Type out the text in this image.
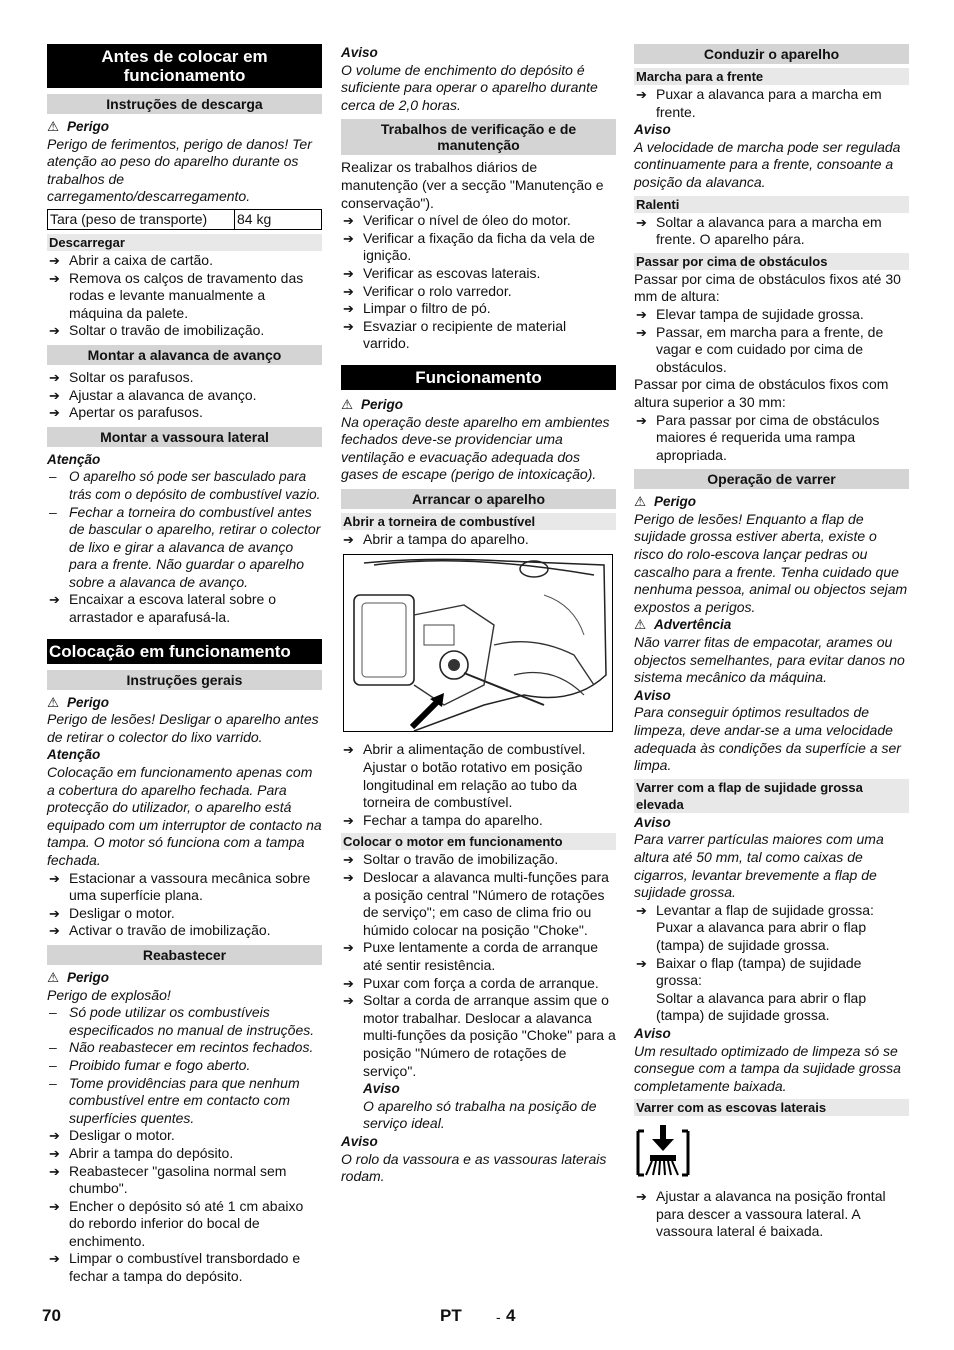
Antes de colocar em funcionamento
Instruções de descarga

⚠ Perigo

Perigo de ferimentos, perigo de danos! Ter atenção ao peso do aparelho durante os trabalhos de carregamento/descarregamento.

Tara (peso de transporte)	84 kg
Descarregar
➔ Abrir a caixa de cartão.
➔ Remova os calços de travamento das rodas e levante manualmente a máquina da palete.
➔ Soltar o travão de imobilização.
Montar a alavanca de avanço
➔ Soltar os parafusos.
➔ Ajustar a alavanca de avanço.
➔ Apertar os parafusos.
Montar a vassoura lateral

Atenção

– O aparelho só pode ser basculado para trás com o depósito de combustível vazio.
– Fechar a torneira do combustível antes de bascular o aparelho, retirar o colector de lixo e girar a alavanca de avanço para a frente. Não guardar o aparelho sobre a alavanca de avanço.
➔ Encaixar a escova lateral sobre o arrastador e aparafusá-la.
Colocação em funcionamento
Instruções gerais

⚠ Perigo

Perigo de lesões! Desligar o aparelho antes de retirar o colector do lixo varrido.

Atenção

Colocação em funcionamento apenas com a cobertura do aparelho fechada. Para protecção do utilizador, o aparelho está equipado com um interruptor de contacto na tampa. O motor só funciona com a tampa fechada.

➔ Estacionar a vassoura mecânica sobre uma superfície plana.
➔ Desligar o motor.
➔ Activar o travão de imobilização.
Reabastecer

⚠ Perigo

Perigo de explosão!

– Só pode utilizar os combustíveis especificados no manual de instruções.
– Não reabastecer em recintos fechados.
– Proibido fumar e fogo aberto.
– Tome providências para que nenhum combustível entre em contacto com superfícies quentes.
➔ Desligar o motor.
➔ Abrir a tampa do depósito.
➔ Reabastecer "gasolina normal sem chumbo".
➔ Encher o depósito só até 1 cm abaixo do rebordo inferior do bocal de enchimento.
➔ Limpar o combustível transbordado e fechar a tampa do depósito.

Aviso

O volume de enchimento do depósito é suficiente para operar o aparelho durante cerca de 2,0 horas.

Trabalhos de verificação e de manutenção

Realizar os trabalhos diários de manutenção (ver a secção "Manutenção e conservação").

➔ Verificar o nível de óleo do motor.
➔ Verificar a fixação da ficha da vela de ignição.
➔ Verificar as escovas laterais.
➔ Verificar o rolo varredor.
➔ Limpar o filtro de pó.
➔ Esvaziar o recipiente de material varrido.
Funcionamento

⚠ Perigo

Na operação deste aparelho em ambientes fechados deve-se providenciar uma ventilação e evacuação adequada dos gases de escape (perigo de intoxicação).

Arrancar o aparelho
Abrir a torneira de combustível
➔ Abrir a tampa do aparelho.
➔ Abrir a alimentação de combustível. Ajustar o botão rotativo em posição longitudinal em relação ao tubo da torneira de combustível.
➔ Fechar a tampa do aparelho.
Colocar o motor em funcionamento
➔ Soltar o travão de imobilização.
➔ Deslocar a alavanca multi-funções para a posição central "Número de rotações de serviço"; em caso de clima frio ou húmido colocar na posição "Choke".
➔ Puxe lentamente a corda de arranque até sentir resistência.
➔ Puxar com força a corda de arranque.
➔ Soltar a corda de arranque assim que o motor trabalhar. Deslocar a alavanca multi-funções da posição "Choke" para a posição "Número de rotações de serviço".

Aviso

O aparelho só trabalha na posição de serviço ideal.

Aviso

O rolo da vassoura e as vassouras laterais rodam.

Conduzir o aparelho
Marcha para a frente
➔ Puxar a alavanca para a marcha em frente.

Aviso

A velocidade de marcha pode ser regulada continuamente para a frente, consoante a posição da alavanca.

Ralenti
➔ Soltar a alavanca para a marcha em frente. O aparelho pára.
Passar por cima de obstáculos

Passar por cima de obstáculos fixos até 30 mm de altura:

➔ Elevar tampa de sujidade grossa.
➔ Passar, em marcha para a frente, de vagar e com cuidado por cima de obstáculos.

Passar por cima de obstáculos fixos com altura superior a 30 mm:

➔ Para passar por cima de obstáculos maiores é requerida uma rampa apropriada.
Operação de varrer

⚠ Perigo

Perigo de lesões! Enquanto a flap de sujidade grossa estiver aberta, existe o risco do rolo-escova lançar pedras ou cascalho para a frente. Tenha cuidado que nenhuma pessoa, animal ou objectos sejam expostos a perigos.

⚠ Advertência

Não varrer fitas de empacotar, arames ou objectos semelhantes, para evitar danos no sistema mecânico da máquina.

Aviso

Para conseguir óptimos resultados de limpeza, deve andar-se a uma velocidade adequada às condições da superfície a ser limpa.

Varrer com a flap de sujidade grossa elevada

Aviso

Para varrer partículas maiores com uma altura até 50 mm, tal como caixas de cigarros, levantar brevemente a flap de sujidade grossa.

➔ Levantar a flap de sujidade grossa:

Puxar a alavanca para abrir o flap (tampa) de sujidade grossa.

➔ Baixar o flap (tampa) de sujidade grossa:

Soltar a alavanca para abrir o flap (tampa) de sujidade grossa.

Aviso

Um resultado optimizado de limpeza só se consegue com a tampa da sujidade grossa completamente baixada.

Varrer com as escovas laterais
➔ Ajustar a alavanca na posição frontal para descer a vassoura lateral. A vassoura lateral é baixada.
70	PT - 4
